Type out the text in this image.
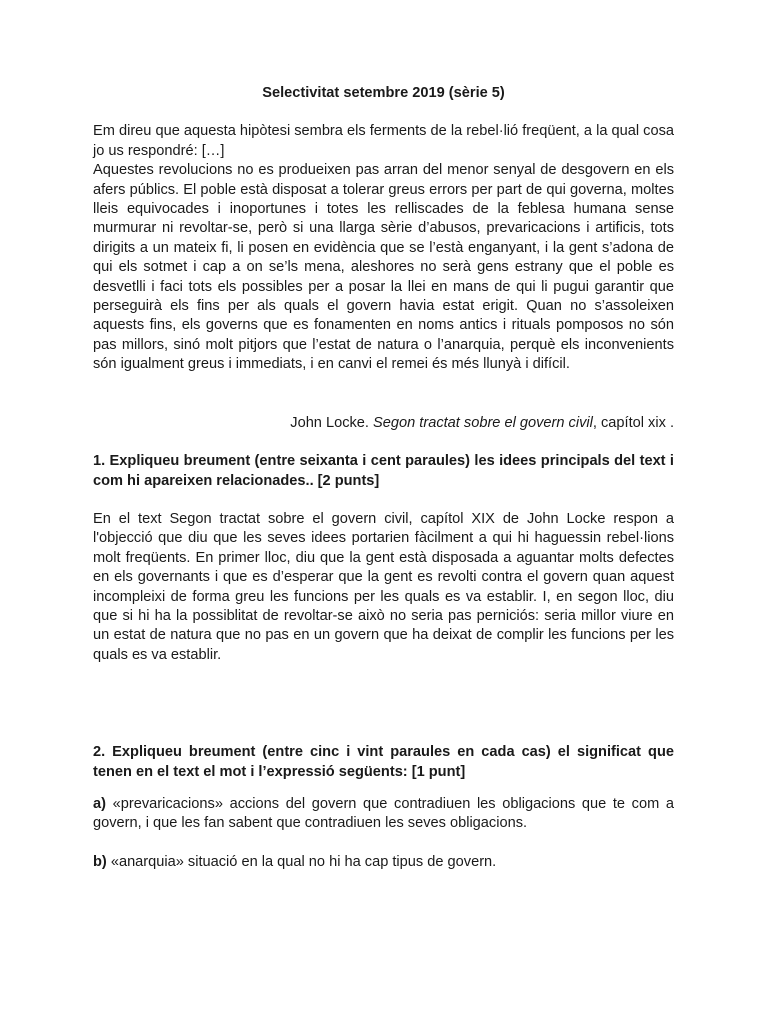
Selectivitat setembre 2019 (sèrie 5)

Em direu que aquesta hipòtesi sembra els ferments de la rebel·lió freqüent, a la qual cosa jo us respondré: […]

Aquestes revolucions no es produeixen pas arran del menor senyal de desgovern en els afers públics. El poble està disposat a tolerar greus errors per part de qui governa, moltes lleis equivocades i inoportunes i totes les relliscades de la feblesa humana sense murmurar ni revoltar-se, però si una llarga sèrie d’abusos, prevaricacions i artificis, tots dirigits a un mateix fi, li posen en evidència que se l’està enganyant, i la gent s’adona de qui els sotmet i cap a on se’ls mena, aleshores no serà gens estrany que el poble es desvetlli i faci tots els possibles per a posar la llei en mans de qui li pugui garantir que perseguirà els fins per als quals el govern havia estat erigit. Quan no s’assoleixen aquests fins, els governs que es fonamenten en noms antics i rituals pomposos no són pas millors, sinó molt pitjors que l’estat de natura o l’anarquia, perquè els inconvenients són igualment greus i immediats, i en canvi el remei és més llunyà i difícil.

John Locke. Segon tractat sobre el govern civil, capítol xix .

1. Expliqueu breument (entre seixanta i cent paraules) les idees principals del text i com hi apareixen relacionades.. [2 punts]

En el text Segon tractat sobre el govern civil, capítol XIX de John Locke respon a l'objecció que diu que les seves idees portarien fàcilment a qui hi haguessin rebel·lions molt freqüents. En primer lloc, diu que la gent està disposada a aguantar molts defectes en els governants i que es d’esperar que la gent es revolti contra el govern quan aquest incompleixi de forma greu les funcions per les quals es va establir. I, en segon lloc, diu que si hi ha la possiblitat de revoltar-se això no seria pas perniciós: seria millor viure en un estat de natura que no pas en un govern que ha deixat de complir les funcions per les quals es va establir.

2. Expliqueu breument (entre cinc i vint paraules en cada cas) el significat que tenen en el text el mot i l’expressió següents: [1 punt]

a) «prevaricacions» accions del govern que contradiuen les obligacions que te com a govern, i que les fan sabent que contradiuen les seves obligacions.

b) «anarquia» situació en la qual no hi ha cap tipus de govern.
